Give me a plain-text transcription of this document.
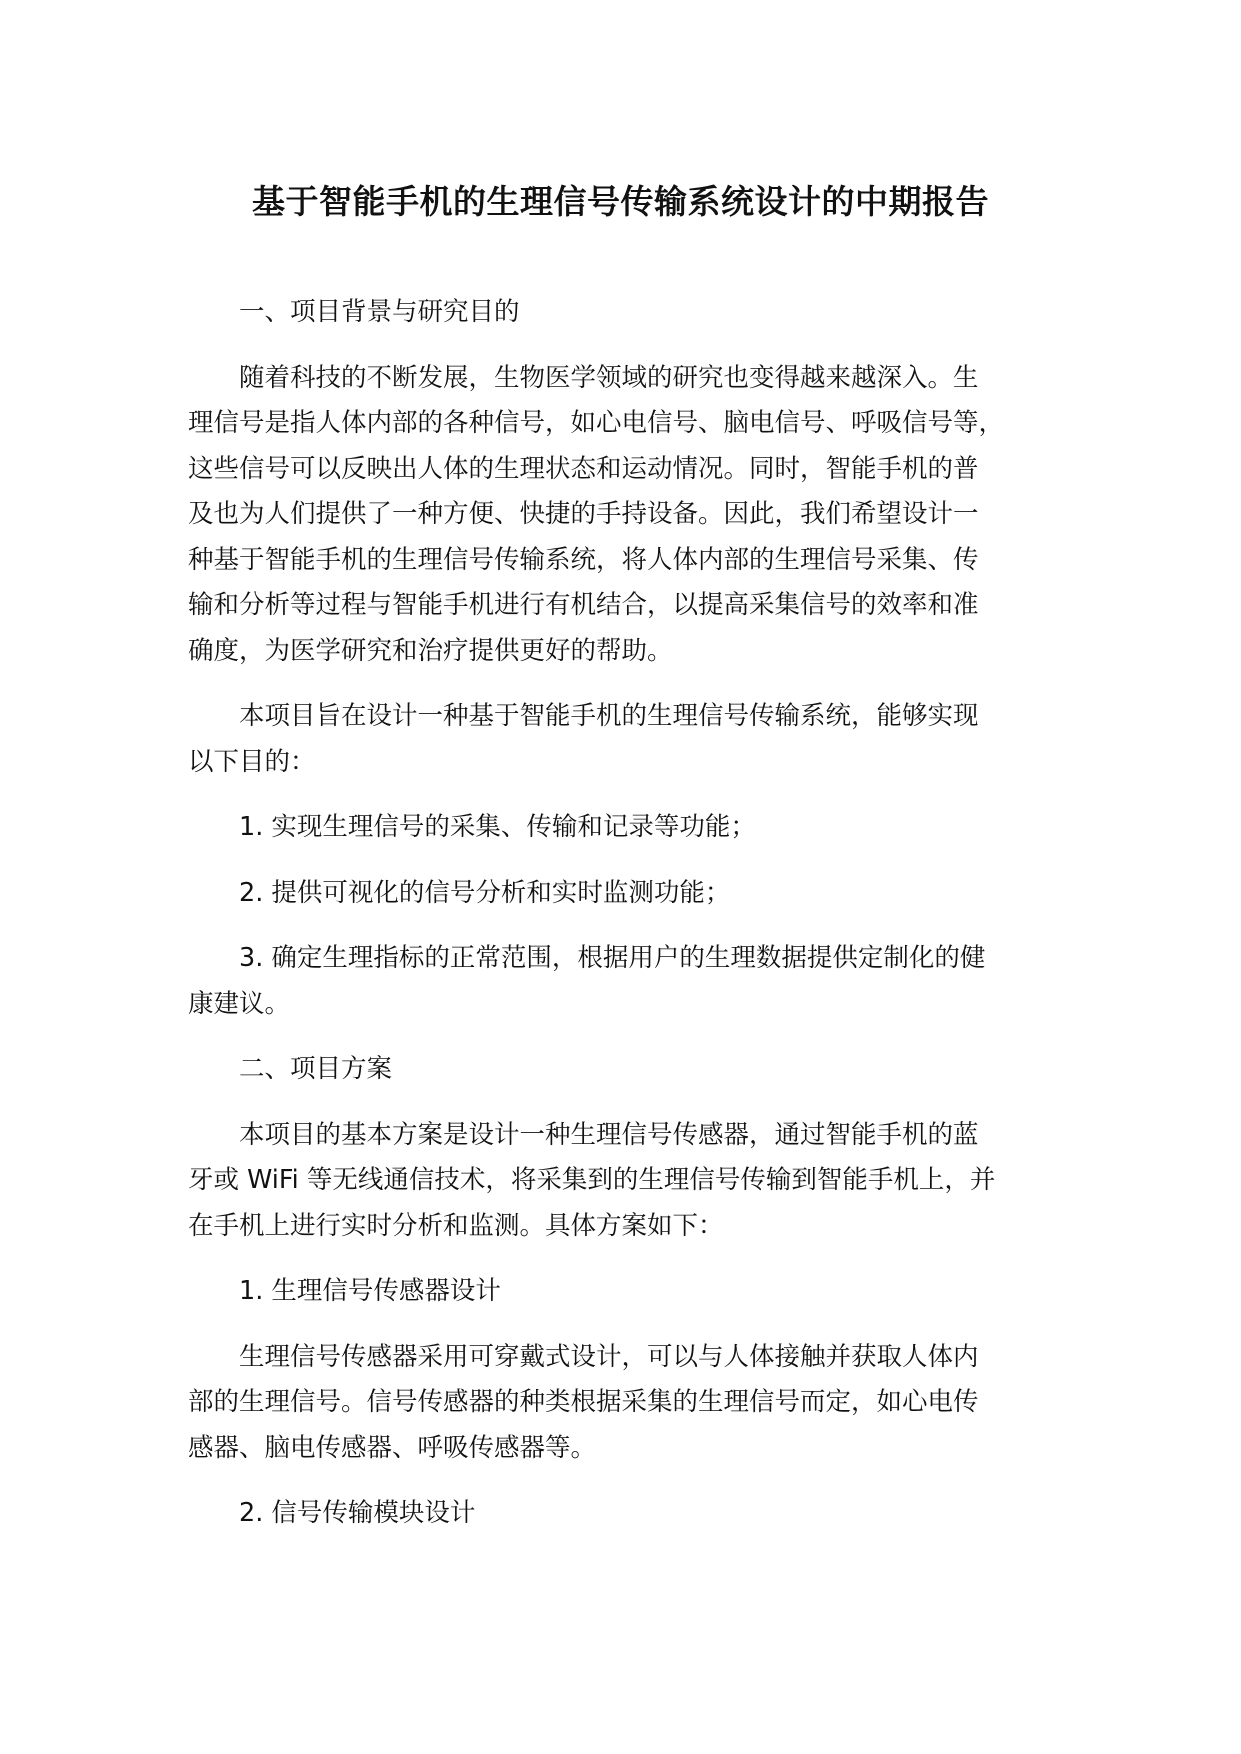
基于智能手机的生理信号传输系统设计的中期报告

一、项目背景与研究目的

随着科技的不断发展，生物医学领域的研究也变得越来越深入。生
理信号是指人体内部的各种信号，如心电信号、脑电信号、呼吸信号等，
这些信号可以反映出人体的生理状态和运动情况。同时，智能手机的普
及也为人们提供了一种方便、快捷的手持设备。因此，我们希望设计一
种基于智能手机的生理信号传输系统，将人体内部的生理信号采集、传
输和分析等过程与智能手机进行有机结合，以提高采集信号的效率和准
确度，为医学研究和治疗提供更好的帮助。

本项目旨在设计一种基于智能手机的生理信号传输系统，能够实现
以下目的：

1. 实现生理信号的采集、传输和记录等功能；

2. 提供可视化的信号分析和实时监测功能；

3. 确定生理指标的正常范围，根据用户的生理数据提供定制化的健
康建议。

二、项目方案

本项目的基本方案是设计一种生理信号传感器，通过智能手机的蓝
牙或 WiFi 等无线通信技术，将采集到的生理信号传输到智能手机上，并
在手机上进行实时分析和监测。具体方案如下：

1. 生理信号传感器设计

生理信号传感器采用可穿戴式设计，可以与人体接触并获取人体内
部的生理信号。信号传感器的种类根据采集的生理信号而定，如心电传
感器、脑电传感器、呼吸传感器等。

2. 信号传输模块设计
